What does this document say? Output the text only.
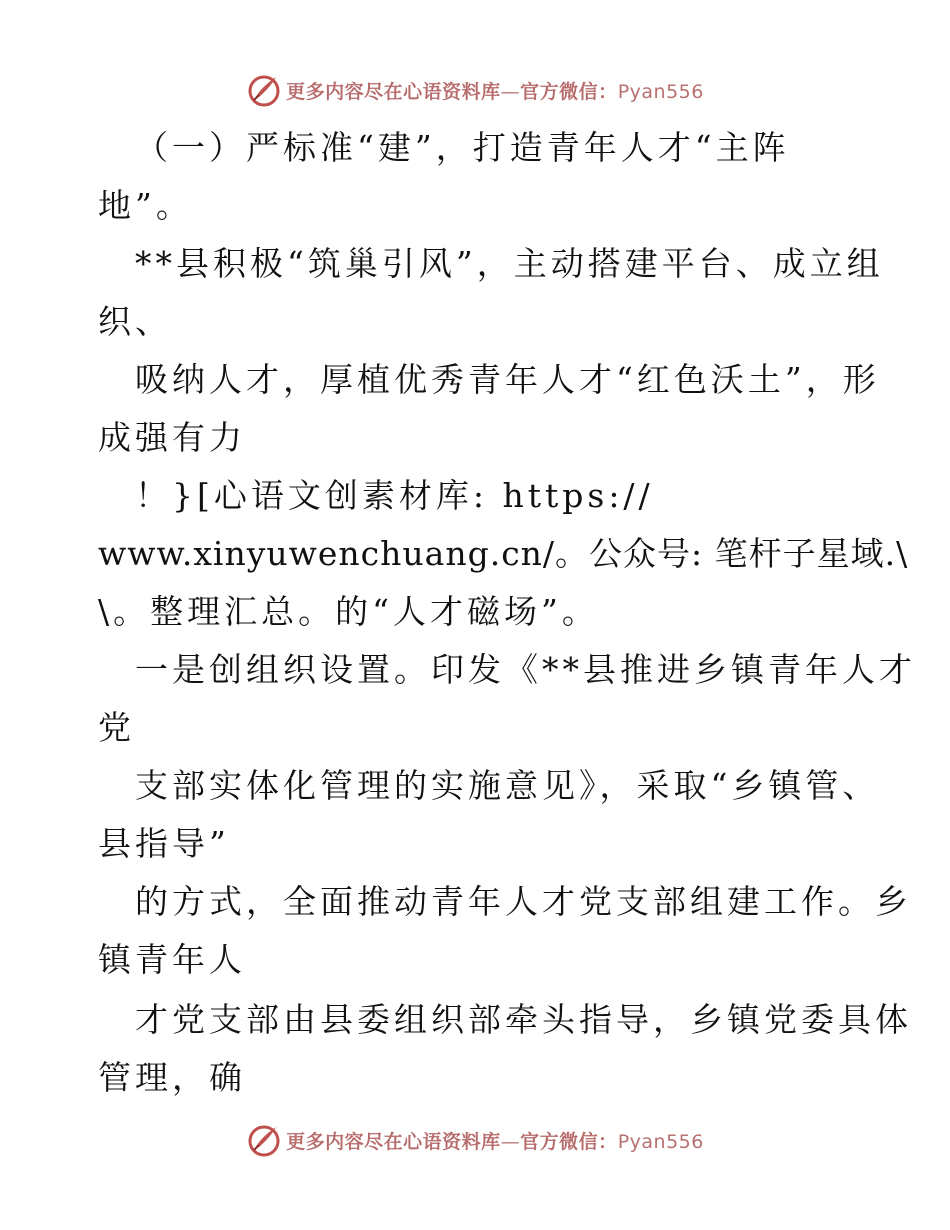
更多内容尽在心语资料库—官方微信：Pyan556
（一）严标准“建”，打造青年人才“主阵
地”。
**县积极“筑巢引风”，主动搭建平台、成立组
织、
吸纳人才，厚植优秀青年人才“红色沃土”，形
成强有力
！}[心语文创素材库: https://
www.xinyuwenchuang.cn/。公众号: 笔杆子星域.\
\。整理汇总。的“人才磁场”。
一是创组织设置。印发《**县推进乡镇青年人才
党
支部实体化管理的实施意见》，采取“乡镇管、
县指导”
的方式，全面推动青年人才党支部组建工作。乡
镇青年人
才党支部由县委组织部牵头指导，乡镇党委具体
管理，确
更多内容尽在心语资料库—官方微信：Pyan556
